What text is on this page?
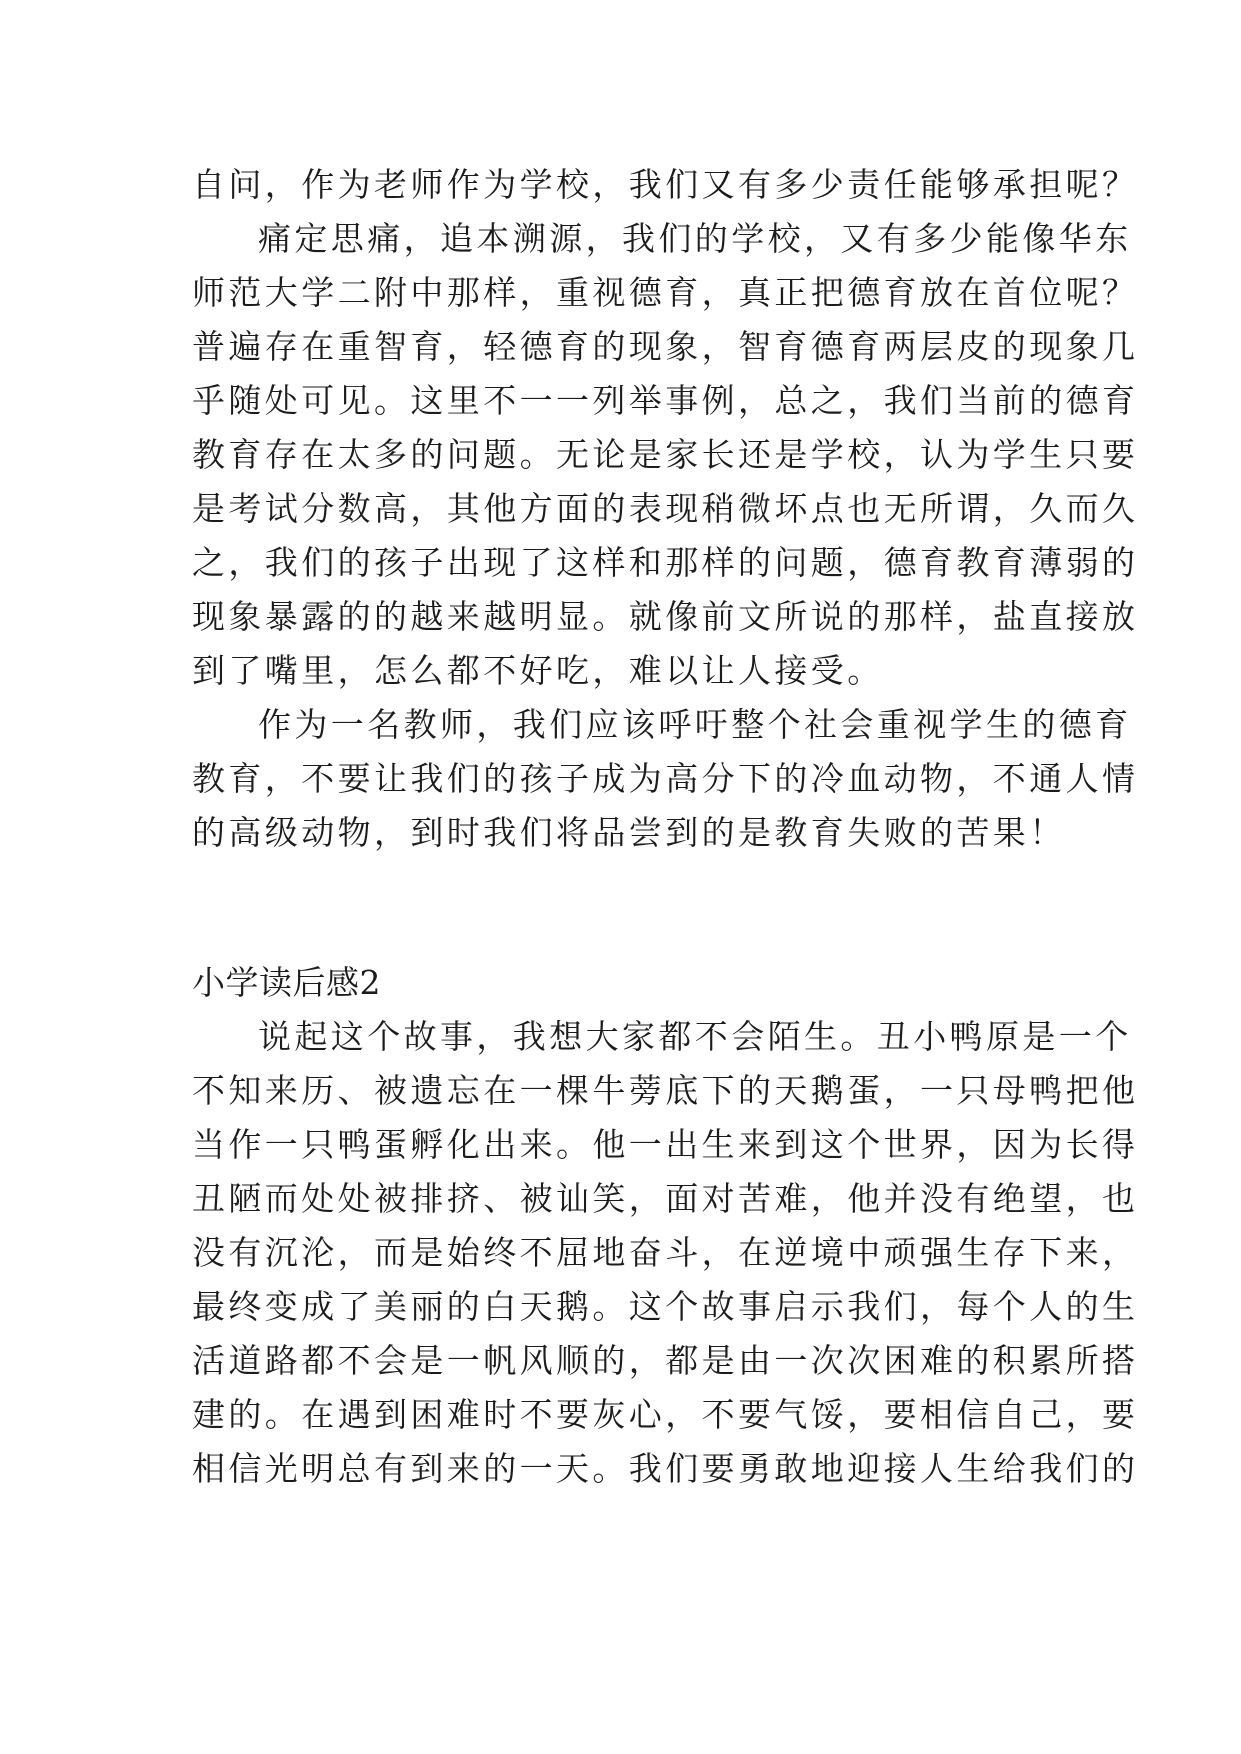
自问，作为老师作为学校，我们又有多少责任能够承担呢？
痛定思痛，追本溯源，我们的学校，又有多少能像华东
师范大学二附中那样，重视德育，真正把德育放在首位呢？
普遍存在重智育，轻德育的现象，智育德育两层皮的现象几
乎随处可见。这里不一一列举事例，总之，我们当前的德育
教育存在太多的问题。无论是家长还是学校，认为学生只要
是考试分数高，其他方面的表现稍微坏点也无所谓，久而久
之，我们的孩子出现了这样和那样的问题，德育教育薄弱的
现象暴露的的越来越明显。就像前文所说的那样，盐直接放
到了嘴里，怎么都不好吃，难以让人接受。
作为一名教师，我们应该呼吁整个社会重视学生的德育
教育，不要让我们的孩子成为高分下的冷血动物，不通人情
的高级动物，到时我们将品尝到的是教育失败的苦果！
小学读后感2
说起这个故事，我想大家都不会陌生。丑小鸭原是一个
不知来历、被遗忘在一棵牛蒡底下的天鹅蛋，一只母鸭把他
当作一只鸭蛋孵化出来。他一出生来到这个世界，因为长得
丑陋而处处被排挤、被讪笑，面对苦难，他并没有绝望，也
没有沉沦，而是始终不屈地奋斗，在逆境中顽强生存下来，
最终变成了美丽的白天鹅。这个故事启示我们，每个人的生
活道路都不会是一帆风顺的，都是由一次次困难的积累所搭
建的。在遇到困难时不要灰心，不要气馁，要相信自己，要
相信光明总有到来的一天。我们要勇敢地迎接人生给我们的
